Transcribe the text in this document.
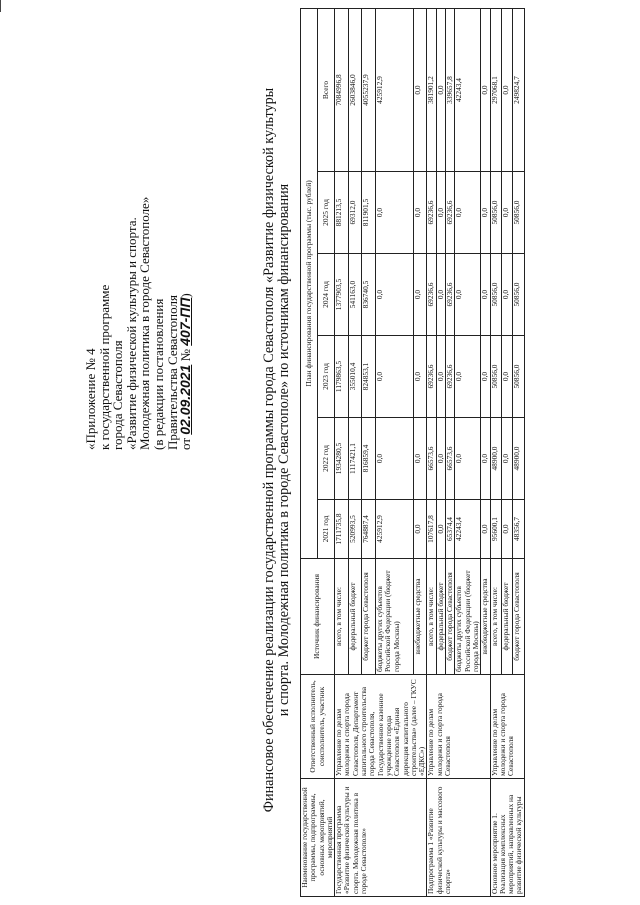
«Приложение № 4
к государственной программе
города Севастополя
«Развитие физической культуры и спорта.
Молодежная политика в городе Севастополе»
(в редакции постановления
Правительства Севастополя
от 02.09.2021 № 407-ПП)	Финансовое обеспечение реализации государственной программы города Севастополя «Развитие физической культуры и спорта. Молодежная политика в городе Севастополе» по источникам финансирования
Наименование государственной программы, подпрограммы, основных мероприятий, мероприятий	Ответственный исполнитель, соисполнитель, участник	Источник финансирования	План финансирования государственной программы (тыс. рублей)					
			2021 год	2022 год	2023 год	2024 год	2025 год	Всего
Государственная программа «Развитие физической культуры и спорта. Молодежная политика в городе Севастополе»	Управление по делам молодежи и спорта города Севастополя, Департамент капитального строительства города Севастополя, Государственное казенное учреждение города Севастополя «Единая дирекция капитального строительства» (далее – ГКУС «ЕДКС»)	всего, в том числе:	1711735,8	1934280,5	1179863,5	1377903,5	881213,5	7084996,8
		федеральный бюджет	520993,5	1117421,1	355010,4	541163,0	69312,0	2603846,0
		бюджет города Севастополя	764887,4	816859,4	824853,1	836740,5	811901,5	4055237,9
		бюджеты других субъектов Российской Федерации (бюджет города Москвы)	425912,9	0,0	0,0	0,0	0,0	425912,9
		внебюджетные средства	0,0	0,0	0,0	0,0	0,0	0,0
Подпрограмма 1 «Развитие физической культуры и массового спорта»	Управление по делам молодежи и спорта города Севастополя	всего, в том числе:	107617,8	66573,6	69236,6	69236,6	69236,6	381901,2
		федеральный бюджет	0,0	0,0	0,0	0,0	0,0	0,0
		бюджет города Севастополя	65374,4	66573,6	69236,6	69236,6	69236,6	339657,8
		бюджеты других субъектов Российской Федерации (бюджет города Москвы)	42243,4	0,0	0,0	0,0	0,0	42243,4
		внебюджетные средства	0,0	0,0	0,0	0,0	0,0	0,0
Основное мероприятие 1. Реализация комплексных мероприятий, направленных на развитие физической культуры	Управление по делам молодежи и спорта города Севастополя	всего, в том числе:	95600,1	48900,0	50856,0	50856,0	50856,0	297068,1
		федеральный бюджет	0,0	0,0	0,0	0,0	0,0	0,0
		бюджет города Севастополя	48356,7	48900,0	50856,0	50856,0	50856,0	249824,7
